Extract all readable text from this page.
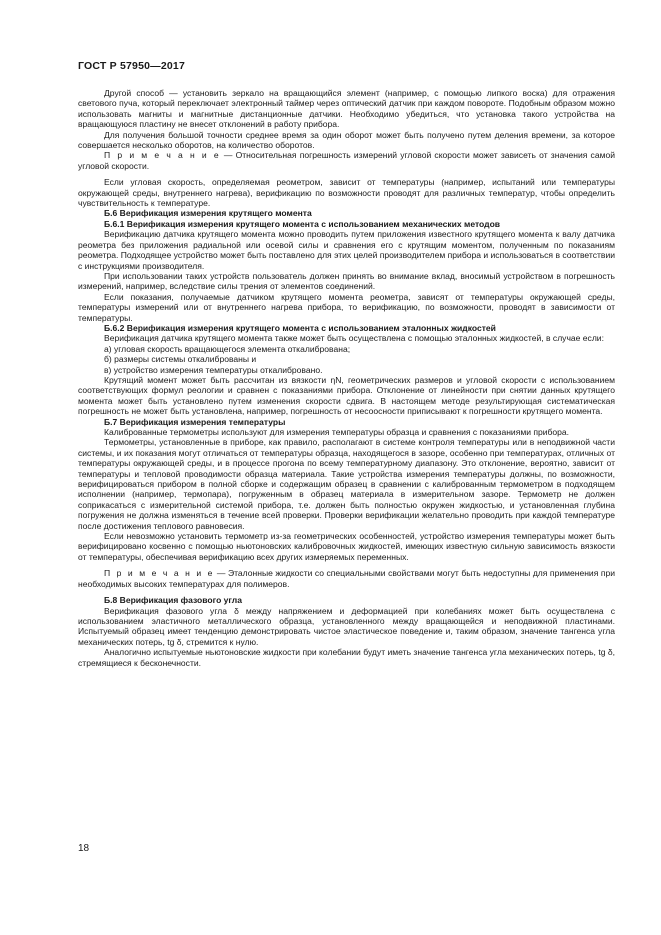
ГОСТ Р 57950—2017

Другой способ — установить зеркало на вращающийся элемент (например, с помощью липкого воска) для отражения светового пуча, который переключает электронный таймер через оптический датчик при каждом повороте. Подобным образом можно использовать магниты и магнитные дистанционные датчики. Необходимо убедиться, что установка такого устройства на вращающуюся пластину не внесет отклонений в работу прибора.

Для получения большой точности среднее время за один оборот может быть получено путем деления времени, за которое совершается несколько оборотов, на количество оборотов.

П р и м е ч а н и е — Относительная погрешность измерений угловой скорости может зависеть от значения самой угловой скорости.

Если угловая скорость, определяемая реометром, зависит от температуры (например, испытаний или температуры окружающей среды, внутреннего нагрева), верификацию по возможности проводят для различных температур, чтобы определить чувствительность к температуре.

Б.6 Верификация измерения крутящего момента

Б.6.1 Верификация измерения крутящего момента с использованием механических методов

Верификацию датчика крутящего момента можно проводить путем приложения известного крутящего момента к валу датчика реометра без приложения радиальной или осевой силы и сравнения его с крутящим моментом, полученным по показаниям реометра. Подходящее устройство может быть поставлено для этих целей производителем прибора и использоваться в соответствии с инструкциями производителя.

При использовании таких устройств пользователь должен принять во внимание вклад, вносимый устройством в погрешность измерений, например, вследствие силы трения от элементов соединений.

Если показания, получаемые датчиком крутящего момента реометра, зависят от температуры окружающей среды, температуры измерений или от внутреннего нагрева прибора, то верификацию, по возможности, проводят в зависимости от температуры.

Б.6.2 Верификация измерения крутящего момента с использованием эталонных жидкостей

Верификация датчика крутящего момента также может быть осуществлена с помощью эталонных жидкостей, в случае если:

а) угловая скорость вращающегося элемента откалибрована;

б) размеры системы откалиброваны и

в) устройство измерения температуры откалибровано.

Крутящий момент может быть рассчитан из вязкости ηN, геометрических размеров и угловой скорости с использованием соответствующих формул реологии и сравнен с показаниями прибора. Отклонение от линейности при снятии данных крутящего момента может быть установлено путем изменения скорости сдвига. В настоящем методе результирующая систематическая погрешность не может быть установлена, например, погрешность от несоосности приписывают к погрешности крутящего момента.

Б.7 Верификация измерения температуры

Калиброванные термометры используют для измерения температуры образца и сравнения с показаниями прибора.

Термометры, установленные в приборе, как правило, располагают в системе контроля температуры или в неподвижной части системы, и их показания могут отличаться от температуры образца, находящегося в зазоре, особенно при температурах, отличных от температуры окружающей среды, и в процессе прогона по всему температурному диапазону. Это отклонение, вероятно, зависит от температуры и тепловой проводимости образца материала. Такие устройства измерения температуры должны, по возможности, верифицироваться прибором в полной сборке и содержащим образец в сравнении с калиброванным термометром в подходящем исполнении (например, термопара), погруженным в образец материала в измерительном зазоре. Термометр не должен соприкасаться с измерительной системой прибора, т.е. должен быть полностью окружен жидкостью, и установленная глубина погружения не должна изменяться в течение всей проверки. Проверки верификации желательно проводить при каждой температуре после достижения теплового равновесия.

Если невозможно установить термометр из-за геометрических особенностей, устройство измерения температуры может быть верифицировано косвенно с помощью ньютоновских калибровочных жидкостей, имеющих известную сильную зависимость вязкости от температуры, обеспечивая верификацию всех других измеряемых переменных.

П р и м е ч а н и е — Эталонные жидкости со специальными свойствами могут быть недоступны для применения при необходимых высоких температурах для полимеров.

Б.8 Верификация фазового угла

Верификация фазового угла δ между напряжением и деформацией при колебаниях может быть осуществлена с использованием эластичного металлического образца, установленного между вращающейся и неподвижной пластинами. Испытуемый образец имеет тенденцию демонстрировать чистое эластическое поведение и, таким образом, значение тангенса угла механических потерь, tg δ, стремится к нулю.

Аналогично испытуемые ньютоновские жидкости при колебании будут иметь значение тангенса угла механических потерь, tg δ, стремящиеся к бесконечности.

18
